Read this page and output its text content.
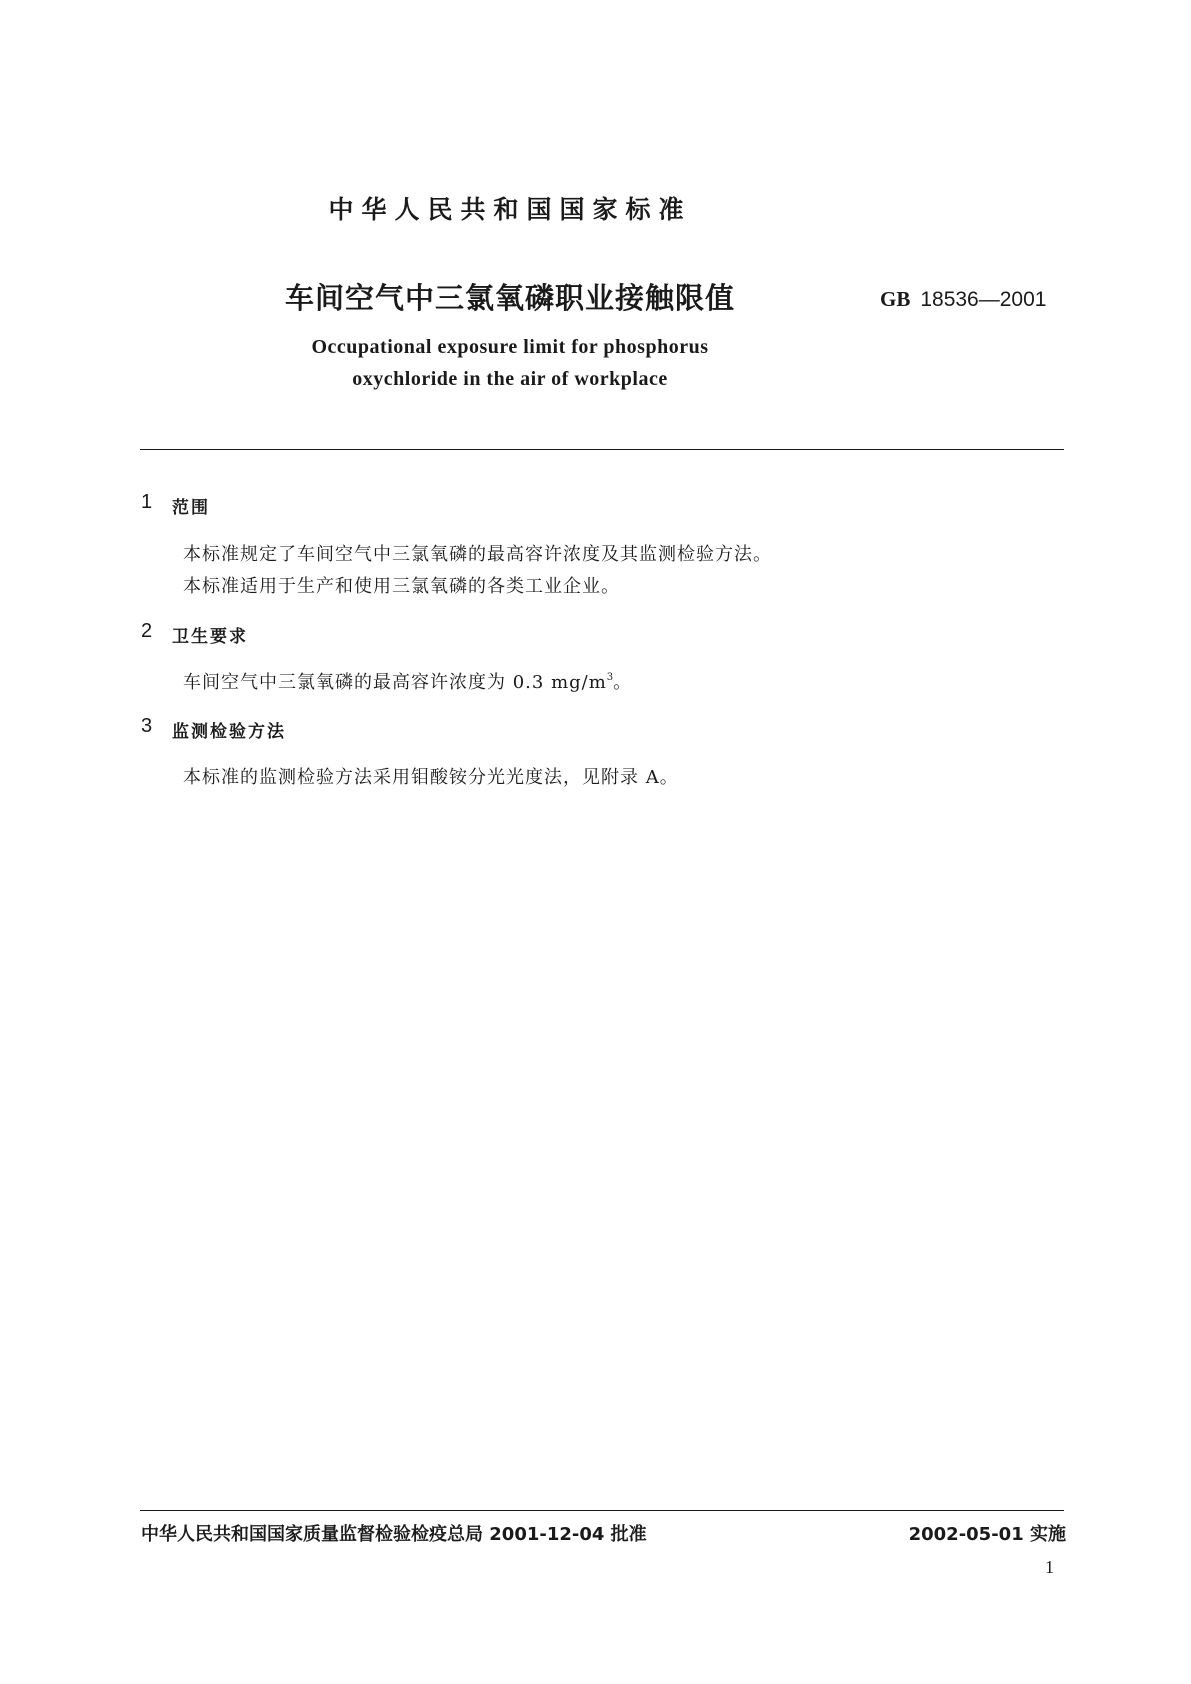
中华人民共和国国家标准
车间空气中三氯氧磷职业接触限值	GB 18536—2001
Occupational exposure limit for phosphorus
oxychloride in the air of workplace
1 范围
本标准规定了车间空气中三氯氧磷的最高容许浓度及其监测检验方法。
本标准适用于生产和使用三氯氧磷的各类工业企业。
2 卫生要求
车间空气中三氯氧磷的最高容许浓度为 0.3 $mg/m^3$。
3 监测检验方法
本标准的监测检验方法采用钼酸铵分光光度法，见附录 A。
中华人民共和国国家质量监督检验检疫总局 2001-12-04 批准	2002-05-01 实施
1
